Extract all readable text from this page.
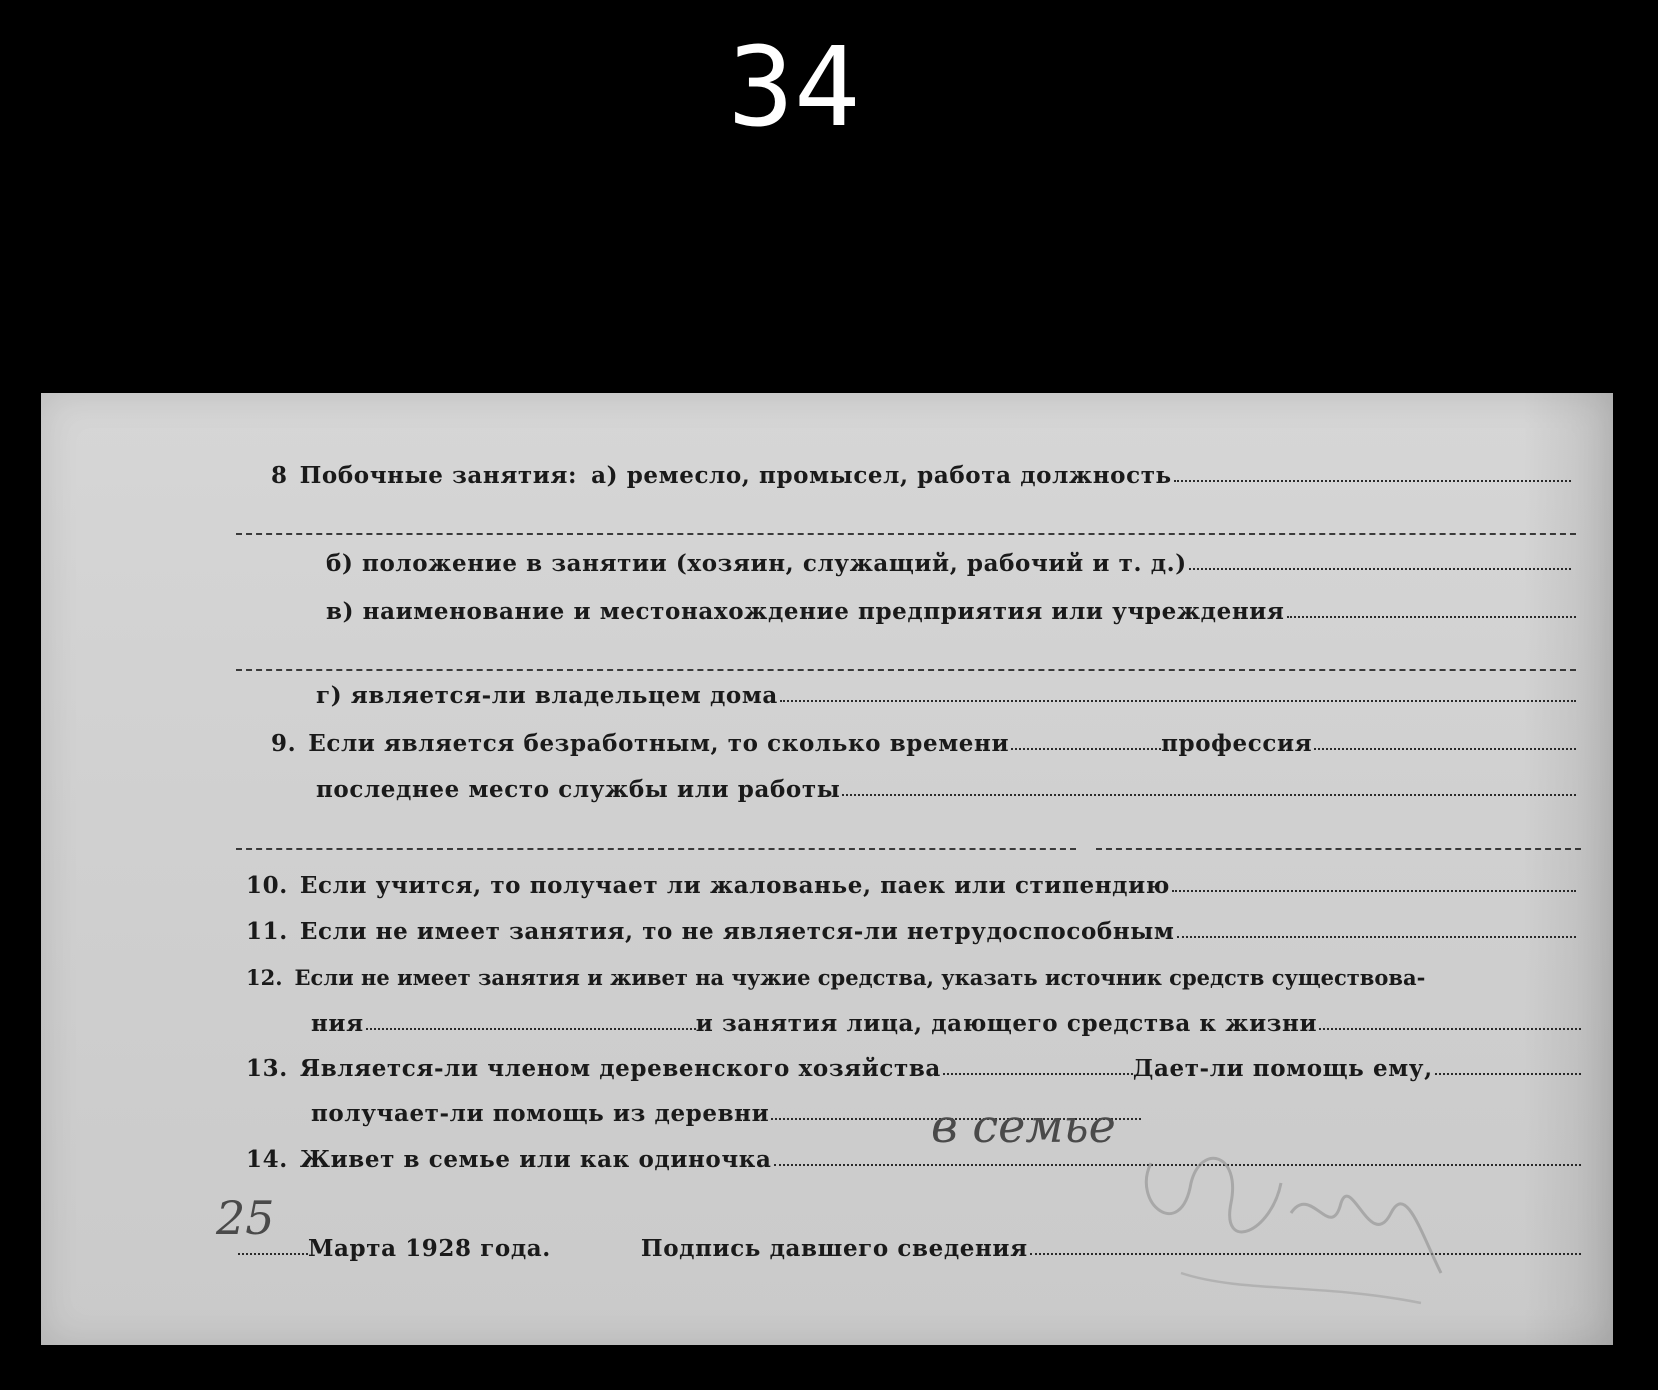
34
8 Побочные занятия: а) ремесло, промысел, работа должность
б) положение в занятии (хозяин, служащий, рабочий и т. д.)
в) наименование и местонахождение предприятия или учреждения
г) является-ли владельцем дома
9. Если является безработным, то сколько времени	профессия
последнее место службы или работы
10. Если учится, то получает ли жалованье, паек или стипендию
11. Если не имеет занятия, то не является-ли нетрудоспособным
12. Если не имеет занятия и живет на чужие средства, указать источник средств существова-
ния	и занятия лица, дающего средства к жизни
13. Является-ли членом деревенского хозяйства	Дает-ли помощь ему,
получает-ли помощь из деревни
14. Живет в семье или как одиночка
в семье
25
Марта 1928 года.	Подпись давшего сведения
